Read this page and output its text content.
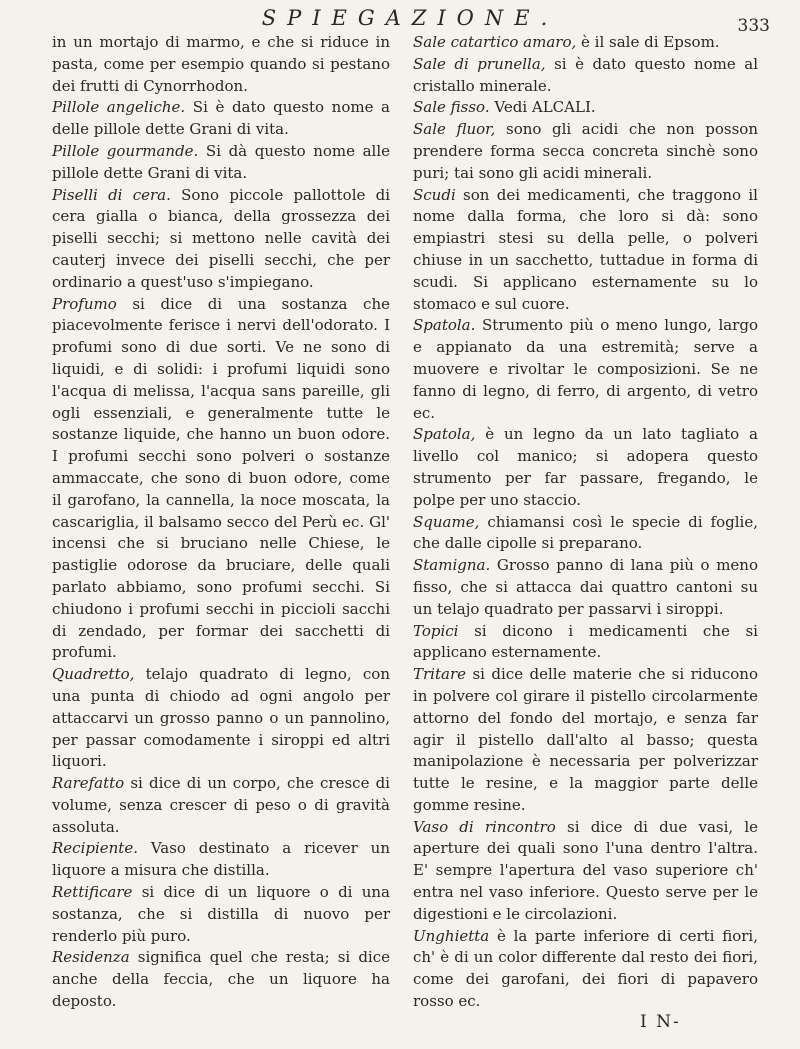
SPIEGAZIONE.	333

in un mortajo di marmo, e che si riduce in pasta, come per esempio quando si pestano dei frutti di Cynorrhodon.

Pillole angeliche. Si è dato questo nome a delle pillole dette Grani di vita.

Pillole gourmande. Si dà questo nome alle pillole dette Grani di vita.

Piselli di cera. Sono piccole pallottole di cera gialla o bianca, della grossezza dei piselli secchi; si mettono nelle cavità dei cauterj invece dei piselli secchi, che per ordinario a quest'uso s'impiegano.

Profumo si dice di una sostanza che piacevolmente ferisce i nervi dell'odorato. I profumi sono di due sorti. Ve ne sono di liquidi, e di solidi: i profumi liquidi sono l'acqua di melissa, l'acqua sans pareille, gli ogli essenziali, e generalmente tutte le sostanze liquide, che hanno un buon odore. I profumi secchi sono polveri o sostanze ammaccate, che sono di buon odore, come il garofano, la cannella, la noce moscata, la cascariglia, il balsamo secco del Perù ec. Gl' incensi che si bruciano nelle Chiese, le pastiglie odorose da bruciare, delle quali parlato abbiamo, sono profumi secchi. Si chiudono i profumi secchi in piccioli sacchi di zendado, per formar dei sacchetti di profumi.

Quadretto, telajo quadrato di legno, con una punta di chiodo ad ogni angolo per attaccarvi un grosso panno o un pannolino, per passar comodamente i siroppi ed altri liquori.

Rarefatto si dice di un corpo, che cresce di volume, senza crescer di peso o di gravità assoluta.

Recipiente. Vaso destinato a ricever un liquore a misura che distilla.

Rettificare si dice di un liquore o di una sostanza, che si distilla di nuovo per renderlo più puro.

Residenza significa quel che resta; si dice anche della feccia, che un liquore ha deposto.

Sale catartico amaro, è il sale di Epsom.

Sale di prunella, si è dato questo nome al cristallo minerale.

Sale fisso. Vedi ALCALI.

Sale fluor, sono gli acidi che non posson prendere forma secca concreta sinchè sono puri; tai sono gli acidi minerali.

Scudi son dei medicamenti, che traggono il nome dalla forma, che loro si dà: sono empiastri stesi su della pelle, o polveri chiuse in un sacchetto, tuttadue in forma di scudi. Si applicano esternamente su lo stomaco e sul cuore.

Spatola. Strumento più o meno lungo, largo e appianato da una estremità; serve a muovere e rivoltar le composizioni. Se ne fanno di legno, di ferro, di argento, di vetro ec.

Spatola, è un legno da un lato tagliato a livello col manico; si adopera questo strumento per far passare, fregando, le polpe per uno staccio.

Squame, chiamansi così le specie di foglie, che dalle cipolle si preparano.

Stamigna. Grosso panno di lana più o meno fisso, che si attacca dai quattro cantoni su un telajo quadrato per passarvi i siroppi.

Topici si dicono i medicamenti che si applicano esternamente.

Tritare si dice delle materie che si riducono in polvere col girare il pistello circolarmente attorno del fondo del mortajo, e senza far agir il pistello dall'alto al basso; questa manipolazione è necessaria per polverizzar tutte le resine, e la maggior parte delle gomme resine.

Vaso di rincontro si dice di due vasi, le aperture dei quali sono l'una dentro l'altra. E' sempre l'apertura del vaso superiore ch' entra nel vaso inferiore. Questo serve per le digestioni e le circolazioni.

Unghietta è la parte inferiore di certi fiori, ch' è di un color differente dal resto dei fiori, come dei garofani, dei fiori di papavero rosso ec.

I N-
